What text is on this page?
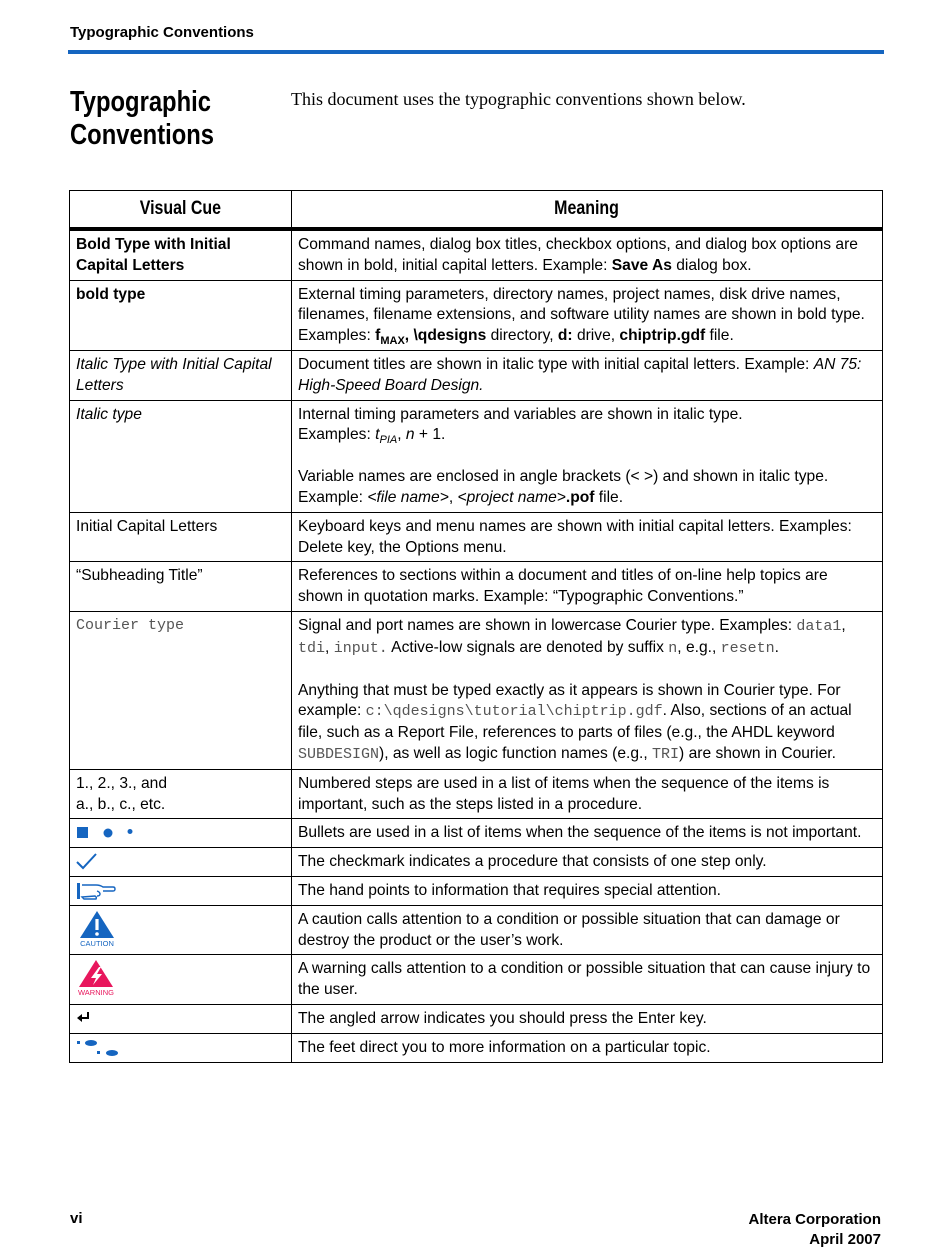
Typographic Conventions
Typographic Conventions
This document uses the typographic conventions shown below.
Visual Cue	Meaning
Bold Type with Initial Capital Letters	Command names, dialog box titles, checkbox options, and dialog box options are shown in bold, initial capital letters. Example: Save As dialog box.
bold type	External timing parameters, directory names, project names, disk drive names, filenames, filename extensions, and software utility names are shown in bold type. Examples: $f_{MAX}$, \qdesigns directory, d: drive, chiptrip.gdf file.
Italic Type with Initial Capital Letters	Document titles are shown in italic type with initial capital letters. Example: AN 75: High-Speed Board Design.
Italic type	Internal timing parameters and variables are shown in italic type.
Examples: $t_{PIA}$, n + 1.
Variable names are enclosed in angle brackets (< >) and shown in italic type.
Example: <file name>, <project name>.pof file.

Initial Capital Letters	Keyboard keys and menu names are shown with initial capital letters. Examples: Delete key, the Options menu.
“Subheading Title”	References to sections within a document and titles of on-line help topics are shown in quotation marks. Example: “Typographic Conventions.”
Courier type	Signal and port names are shown in lowercase Courier type. Examples: data1, tdi, input. Active-low signals are denoted by suffix n, e.g., resetn.
Anything that must be typed exactly as it appears is shown in Courier type. For example: c:\qdesigns\tutorial\chiptrip.gdf. Also, sections of an actual file, such as a Report File, references to parts of files (e.g., the AHDL keyword SUBDESIGN), as well as logic function names (e.g., TRI) are shown in Courier.

1., 2., 3., and
a., b., c., etc.	Numbered steps are used in a list of items when the sequence of the items is important, such as the steps listed in a procedure.

	Bullets are used in a list of items when the sequence of the items is not important.

	The checkmark indicates a procedure that consists of one step only.

	The hand points to information that requires special attention.

CAUTION	A caution calls attention to a condition or possible situation that can damage or destroy the product or the user’s work.

WARNING	A warning calls attention to a condition or possible situation that can cause injury to the user.

	The angled arrow indicates you should press the Enter key.

	The feet direct you to more information on a particular topic.
vi	Altera Corporation
April 2007
